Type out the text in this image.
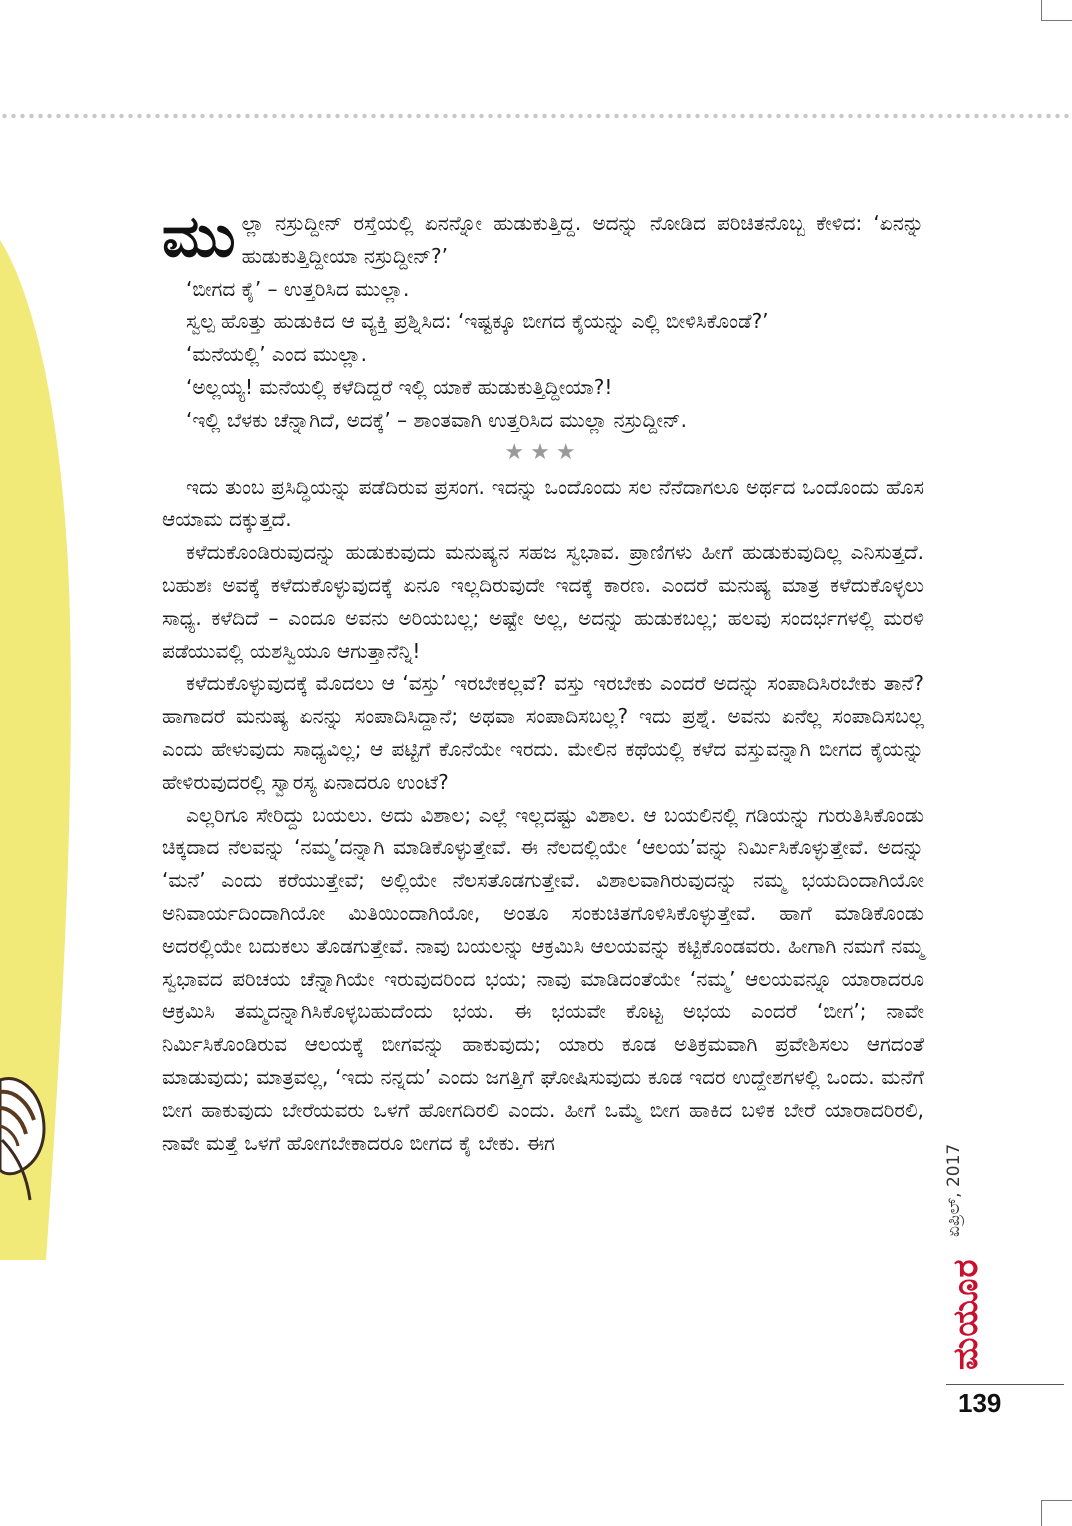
ಮುಲ್ಲಾ ನಸ್ರುದ್ದೀನ್ ರಸ್ತೆಯಲ್ಲಿ ಏನನ್ನೋ ಹುಡುಕುತ್ತಿದ್ದ. ಅದನ್ನು ನೋಡಿದ ಪರಿಚಿತನೊಬ್ಬ ಕೇಳಿದ: ‘ಏನನ್ನು ಹುಡುಕುತ್ತಿದ್ದೀಯಾ ನಸ್ರುದ್ದೀನ್?’

‘ಬೀಗದ ಕೈ’ – ಉತ್ತರಿಸಿದ ಮುಲ್ಲಾ.

ಸ್ವಲ್ಪ ಹೊತ್ತು ಹುಡುಕಿದ ಆ ವ್ಯಕ್ತಿ ಪ್ರಶ್ನಿಸಿದ: ‘ಇಷ್ಟಕ್ಕೂ ಬೀಗದ ಕೈಯನ್ನು ಎಲ್ಲಿ ಬೀಳಿಸಿಕೊಂಡೆ?’

‘ಮನೆಯಲ್ಲಿ’ ಎಂದ ಮುಲ್ಲಾ.

‘ಅಲ್ಲಯ್ಯ! ಮನೆಯಲ್ಲಿ ಕಳೆದಿದ್ದರೆ ಇಲ್ಲಿ ಯಾಕೆ ಹುಡುಕುತ್ತಿದ್ದೀಯಾ?!

‘ಇಲ್ಲಿ ಬೆಳಕು ಚೆನ್ನಾಗಿದೆ, ಅದಕ್ಕೆ’ – ಶಾಂತವಾಗಿ ಉತ್ತರಿಸಿದ ಮುಲ್ಲಾ ನಸ್ರುದ್ದೀನ್.

★★★

ಇದು ತುಂಬ ಪ್ರಸಿದ್ಧಿಯನ್ನು ಪಡೆದಿರುವ ಪ್ರಸಂಗ. ಇದನ್ನು ಒಂದೊಂದು ಸಲ ನೆನೆದಾಗಲೂ ಅರ್ಥದ ಒಂದೊಂದು ಹೊಸ ಆಯಾಮ ದಕ್ಕುತ್ತದೆ.

ಕಳೆದುಕೊಂಡಿರುವುದನ್ನು ಹುಡುಕುವುದು ಮನುಷ್ಯನ ಸಹಜ ಸ್ವಭಾವ. ಪ್ರಾಣಿಗಳು ಹೀಗೆ ಹುಡುಕುವುದಿಲ್ಲ ಎನಿಸುತ್ತದೆ. ಬಹುಶಃ ಅವಕ್ಕೆ ಕಳೆದುಕೊಳ್ಳುವುದಕ್ಕೆ ಏನೂ ಇಲ್ಲದಿರುವುದೇ ಇದಕ್ಕೆ ಕಾರಣ. ಎಂದರೆ ಮನುಷ್ಯ ಮಾತ್ರ ಕಳೆದುಕೊಳ್ಳಲು ಸಾಧ್ಯ. ಕಳೆದಿದೆ – ಎಂದೂ ಅವನು ಅರಿಯಬಲ್ಲ; ಅಷ್ಟೇ ಅಲ್ಲ, ಅದನ್ನು ಹುಡುಕಬಲ್ಲ; ಹಲವು ಸಂದರ್ಭಗಳಲ್ಲಿ ಮರಳಿ ಪಡೆಯುವಲ್ಲಿ ಯಶಸ್ವಿಯೂ ಆಗುತ್ತಾನೆನ್ನಿ!

ಕಳೆದುಕೊಳ್ಳುವುದಕ್ಕೆ ಮೊದಲು ಆ ‘ವಸ್ತು’ ಇರಬೇಕಲ್ಲವೆ? ವಸ್ತು ಇರಬೇಕು ಎಂದರೆ ಅದನ್ನು ಸಂಪಾದಿಸಿರಬೇಕು ತಾನೆ? ಹಾಗಾದರೆ ಮನುಷ್ಯ ಏನನ್ನು ಸಂಪಾದಿಸಿದ್ದಾನೆ; ಅಥವಾ ಸಂಪಾದಿಸಬಲ್ಲ? ಇದು ಪ್ರಶ್ನೆ. ಅವನು ಏನೆಲ್ಲ ಸಂಪಾದಿಸಬಲ್ಲ ಎಂದು ಹೇಳುವುದು ಸಾಧ್ಯವಿಲ್ಲ; ಆ ಪಟ್ಟಿಗೆ ಕೊನೆಯೇ ಇರದು. ಮೇಲಿನ ಕಥೆಯಲ್ಲಿ ಕಳೆದ ವಸ್ತುವನ್ನಾಗಿ ಬೀಗದ ಕೈಯನ್ನು ಹೇಳಿರುವುದರಲ್ಲಿ ಸ್ವಾರಸ್ಯ ಏನಾದರೂ ಉಂಟೆ?

ಎಲ್ಲರಿಗೂ ಸೇರಿದ್ದು ಬಯಲು. ಅದು ವಿಶಾಲ; ಎಲ್ಲೆ ಇಲ್ಲದಷ್ಟು ವಿಶಾಲ. ಆ ಬಯಲಿನಲ್ಲಿ ಗಡಿಯನ್ನು ಗುರುತಿಸಿಕೊಂಡು ಚಿಕ್ಕದಾದ ನೆಲವನ್ನು ‘ನಮ್ಮ’ದನ್ನಾಗಿ ಮಾಡಿಕೊಳ್ಳುತ್ತೇವೆ. ಈ ನೆಲದಲ್ಲಿಯೇ ‘ಆಲಯ’ವನ್ನು ನಿರ್ಮಿಸಿಕೊಳ್ಳುತ್ತೇವೆ. ಅದನ್ನು ‘ಮನೆ’ ಎಂದು ಕರೆಯುತ್ತೇವೆ; ಅಲ್ಲಿಯೇ ನೆಲಸತೊಡಗುತ್ತೇವೆ. ವಿಶಾಲವಾಗಿರುವುದನ್ನು ನಮ್ಮ ಭಯದಿಂದಾಗಿಯೋ ಅನಿವಾರ್ಯದಿಂದಾಗಿಯೋ ಮಿತಿಯಿಂದಾಗಿಯೋ, ಅಂತೂ ಸಂಕುಚಿತಗೊಳಿಸಿಕೊಳ್ಳುತ್ತೇವೆ. ಹಾಗೆ ಮಾಡಿಕೊಂಡು ಅದರಲ್ಲಿಯೇ ಬದುಕಲು ತೊಡಗುತ್ತೇವೆ. ನಾವು ಬಯಲನ್ನು ಆಕ್ರಮಿಸಿ ಆಲಯವನ್ನು ಕಟ್ಟಿಕೊಂಡವರು. ಹೀಗಾಗಿ ನಮಗೆ ನಮ್ಮ ಸ್ವಭಾವದ ಪರಿಚಯ ಚೆನ್ನಾಗಿಯೇ ಇರುವುದರಿಂದ ಭಯ; ನಾವು ಮಾಡಿದಂತೆಯೇ ‘ನಮ್ಮ’ ಆಲಯವನ್ನೂ ಯಾರಾದರೂ ಆಕ್ರಮಿಸಿ ತಮ್ಮದನ್ನಾಗಿಸಿಕೊಳ್ಳಬಹುದೆಂದು ಭಯ. ಈ ಭಯವೇ ಕೊಟ್ಟ ಅಭಯ ಎಂದರೆ ‘ಬೀಗ’; ನಾವೇ ನಿರ್ಮಿಸಿಕೊಂಡಿರುವ ಆಲಯಕ್ಕೆ ಬೀಗವನ್ನು ಹಾಕುವುದು; ಯಾರು ಕೂಡ ಅತಿಕ್ರಮವಾಗಿ ಪ್ರವೇಶಿಸಲು ಆಗದಂತೆ ಮಾಡುವುದು; ಮಾತ್ರವಲ್ಲ, ‘ಇದು ನನ್ನದು’ ಎಂದು ಜಗತ್ತಿಗೆ ಘೋಷಿಸುವುದು ಕೂಡ ಇದರ ಉದ್ದೇಶಗಳಲ್ಲಿ ಒಂದು. ಮನೆಗೆ ಬೀಗ ಹಾಕುವುದು ಬೇರೆಯವರು ಒಳಗೆ ಹೋಗದಿರಲಿ ಎಂದು. ಹೀಗೆ ಒಮ್ಮೆ ಬೀಗ ಹಾಕಿದ ಬಳಿಕ ಬೇರೆ ಯಾರಾದರಿರಲಿ, ನಾವೇ ಮತ್ತೆ ಒಳಗೆ ಹೋಗಬೇಕಾದರೂ ಬೀಗದ ಕೈ ಬೇಕು. ಈಗ

ಏಪ್ರಿಲ್, 2017
ಮಯೂರ
139
